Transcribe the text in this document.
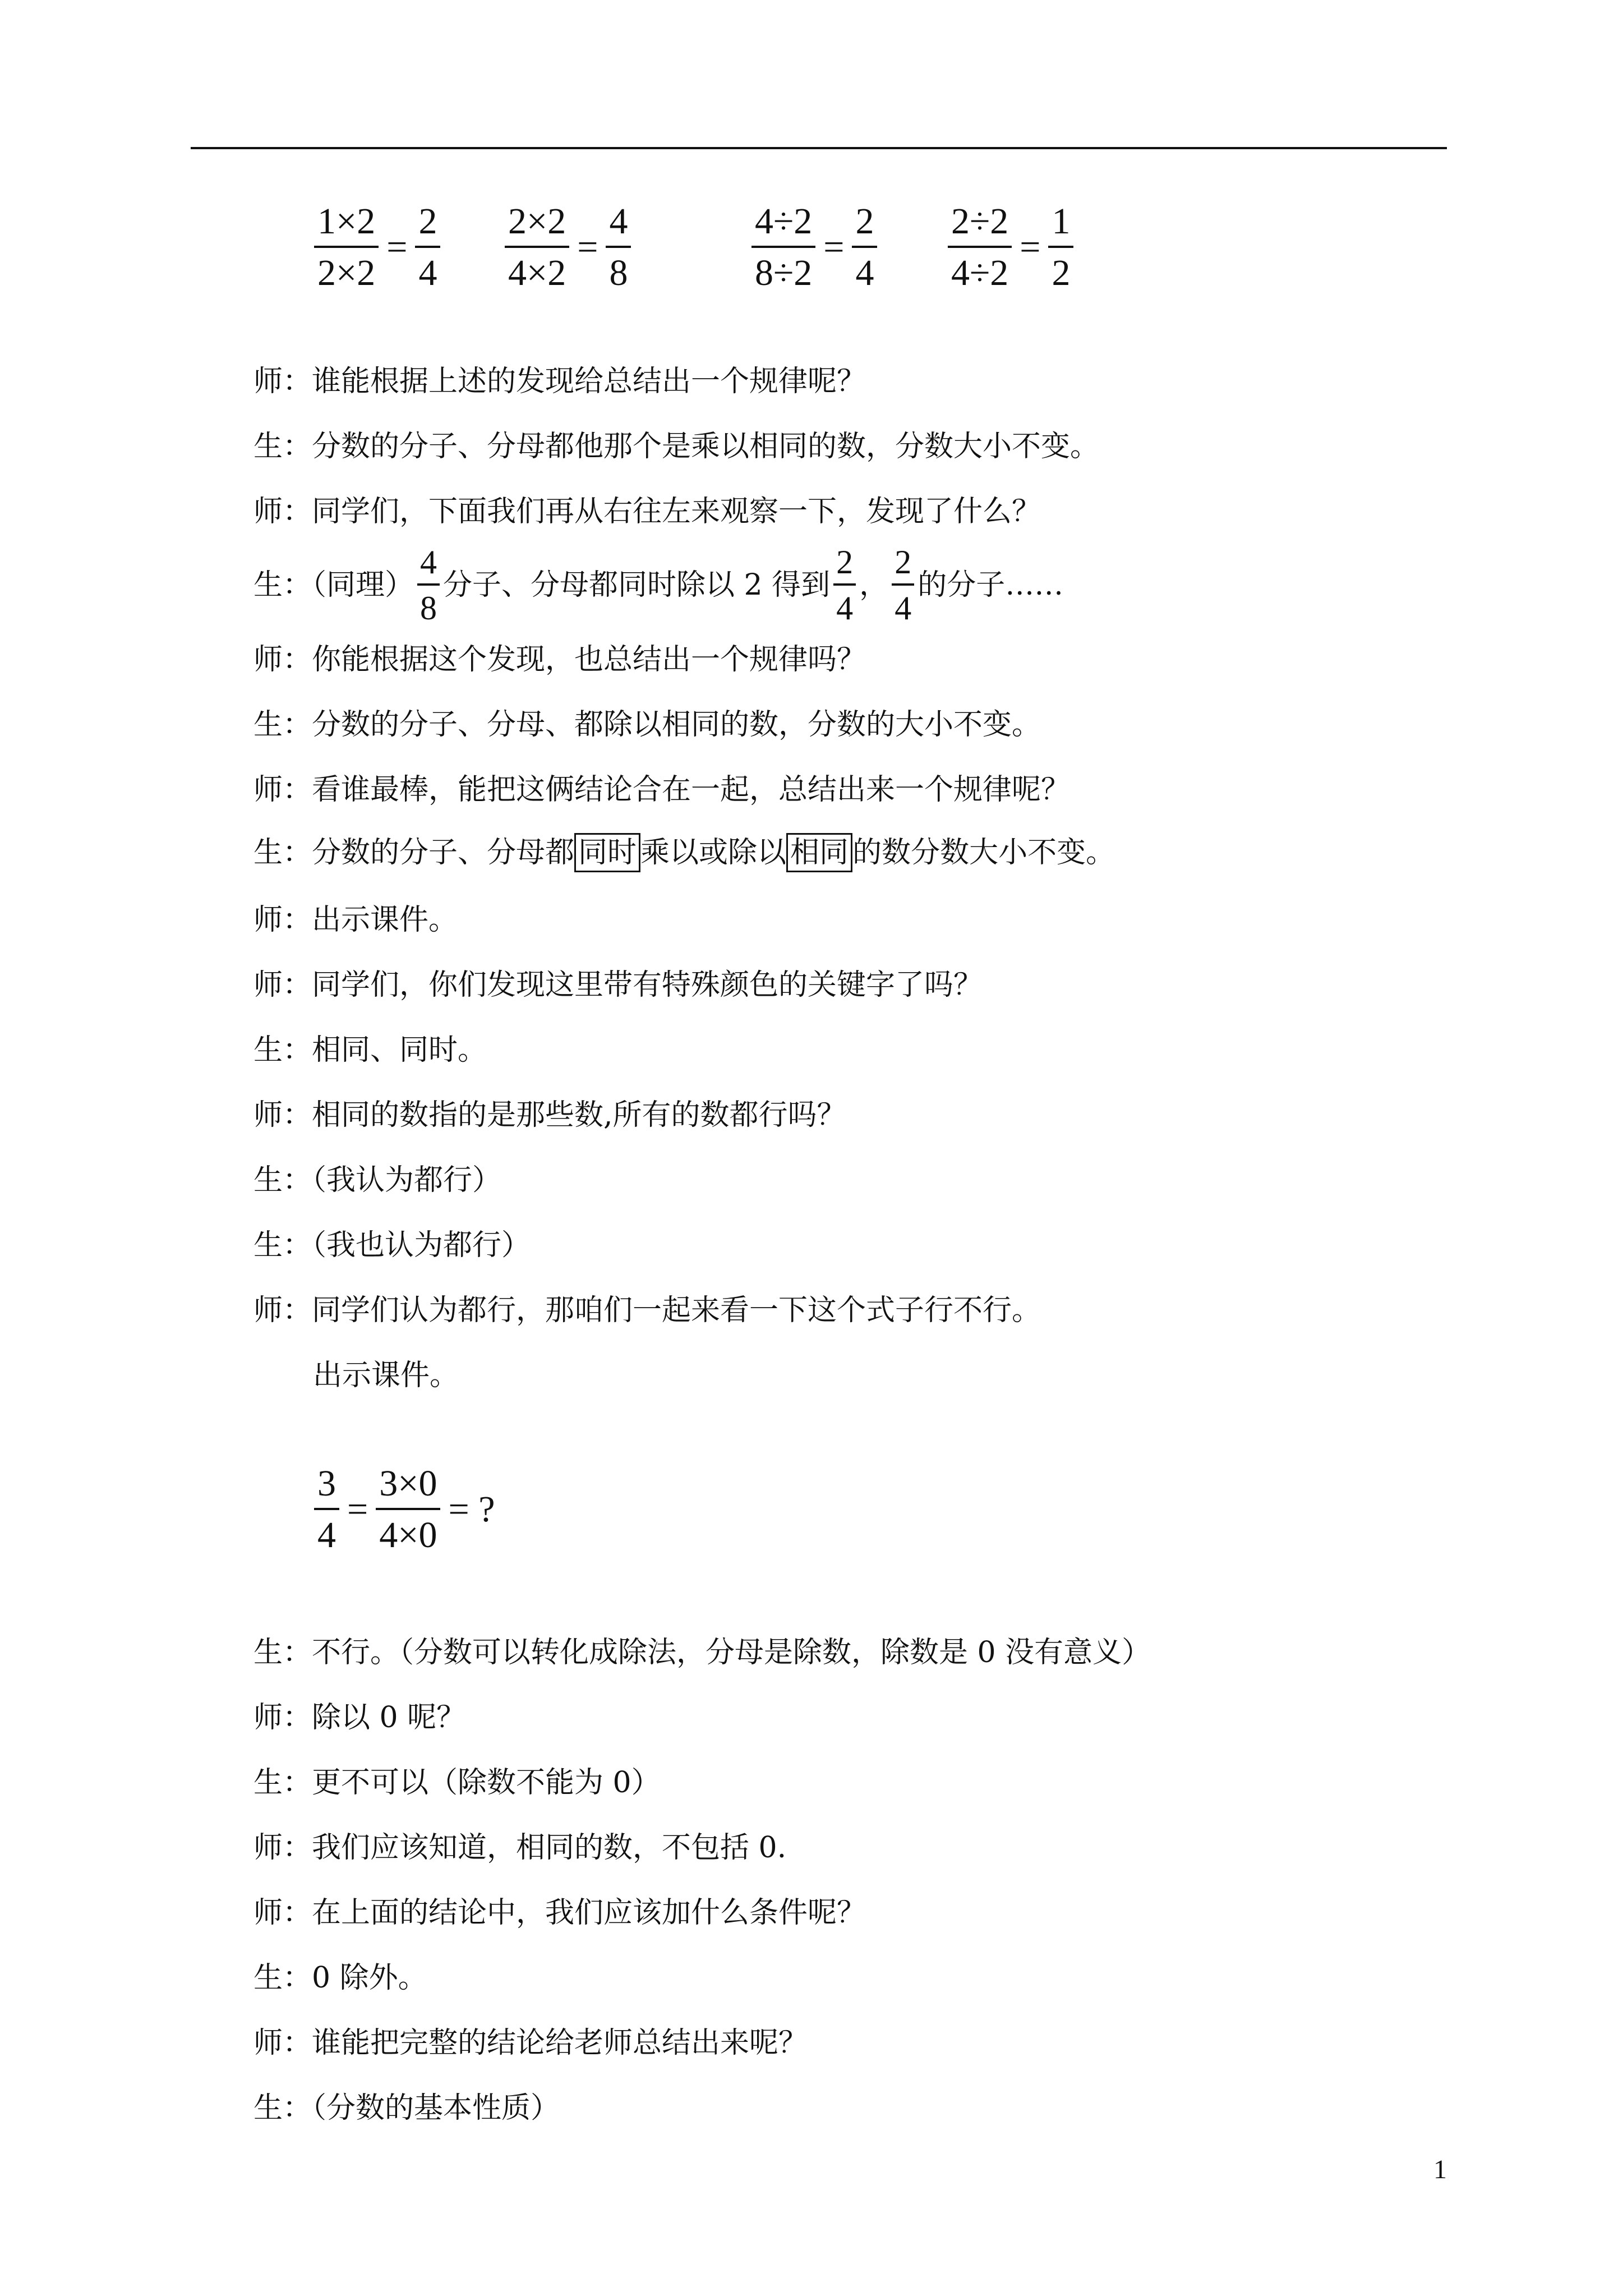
$\frac{1\times 2}{2\times 2} = \frac{2}{4} \frac{2\times 2}{4\times 2} = \frac{4}{8}$	$\frac{4\div 2}{8\div 2} = \frac{2}{4} \frac{2\div 2}{4\div 2} = \frac{1}{2}$
师：谁能根据上述的发现给总结出一个规律呢？
生：分数的分子、分母都他那个是乘以相同的数，分数大小不变。
师：同学们，下面我们再从右往左来观察一下，发现了什么？
生：（同理） $\frac{4}{8}$ 分子、分母都同时除以 2 得到 $\frac{2}{4}$ ， $\frac{2}{4}$ 的分子……
师：你能根据这个发现，也总结出一个规律吗？
生：分数的分子、分母、都除以相同的数，分数的大小不变。
师：看谁最棒，能把这俩结论合在一起，总结出来一个规律呢？
生：分数的分子、分母都 同时 乘以或除以 相同 的数分数大小不变。
师：出示课件。
师：同学们，你们发现这里带有特殊颜色的关键字了吗？
生：相同、同时。
师：相同的数指的是那些数,所有的数都行吗？
生：（我认为都行）
生：（我也认为都行）
师：同学们认为都行，那咱们一起来看一下这个式子行不行。
出示课件。
$\frac{3}{4} = \frac{3\times 0}{4\times 0}$ = ?
生：不行。（分数可以转化成除法，分母是除数，除数是 0 没有意义）
师：除以 0 呢？
生：更不可以（除数不能为 0）
师：我们应该知道，相同的数，不包括 0.
师：在上面的结论中，我们应该加什么条件呢？
生：0 除外。
师：谁能把完整的结论给老师总结出来呢？
生：（分数的基本性质）
1
